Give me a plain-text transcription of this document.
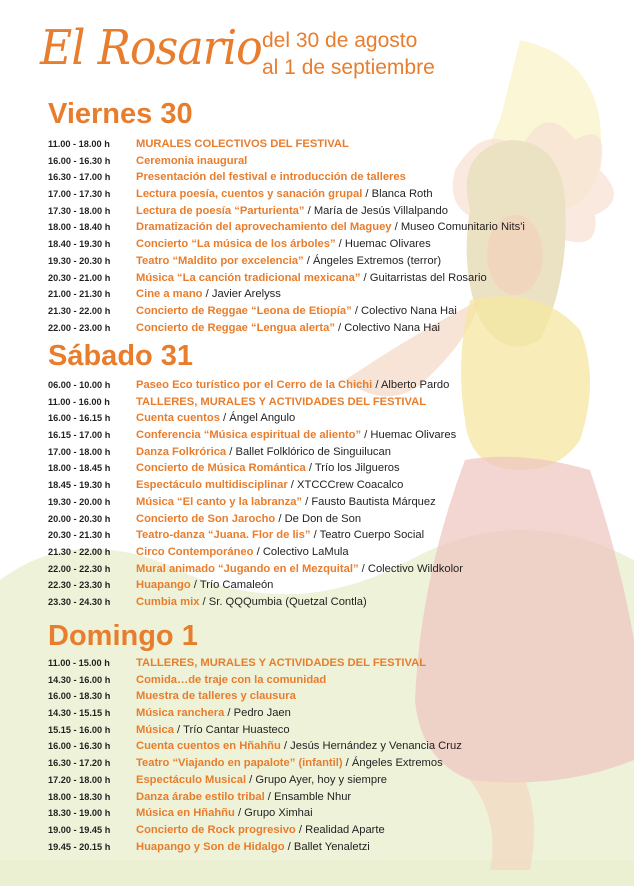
El Rosario del 30 de agosto
al 1 de septiembre
Viernes 30
11.00 - 18.00 h MURALES COLECTIVOS DEL FESTIVAL
16.00 - 16.30 h Ceremonia inaugural
16.30 - 17.00 h Presentación del festival e introducción de talleres
17.00 - 17.30 h Lectura poesía, cuentos y sanación grupal / Blanca Roth
17.30 - 18.00 h Lectura de poesía “Parturienta” / María de Jesús Villalpando
18.00 - 18.40 h Dramatización del aprovechamiento del Maguey / Museo Comunitario Nits'i
18.40 - 19.30 h Concierto “La música de los árboles” / Huemac Olivares
19.30 - 20.30 h Teatro “Maldito por excelencia” / Ángeles Extremos (terror)
20.30 - 21.00 h Música “La canción tradicional mexicana” / Guitarristas del Rosario
21.00 - 21.30 h Cine a mano / Javier Arelyss
21.30 - 22.00 h Concierto de Reggae “Leona de Etiopía” / Colectivo Nana Hai
22.00 - 23.00 h Concierto de Reggae “Lengua alerta” / Colectivo Nana Hai
Sábado 31
06.00 - 10.00 h Paseo Eco turístico por el Cerro de la Chichi / Alberto Pardo
11.00 - 16.00 h TALLERES, MURALES Y ACTIVIDADES DEL FESTIVAL
16.00 - 16.15 h Cuenta cuentos / Ángel Angulo
16.15 - 17.00 h Conferencia “Música espiritual de aliento” / Huemac Olivares
17.00 - 18.00 h Danza Folkrórica / Ballet Folklórico de Singuilucan
18.00 - 18.45 h Concierto de Música Romántica / Trío los Jilgueros
18.45 - 19.30 h Espectáculo multidisciplinar / XTCCCrew Coacalco
19.30 - 20.00 h Música “El canto y la labranza” / Fausto Bautista Márquez
20.00 - 20.30 h Concierto de Son Jarocho / De Don de Son
20.30 - 21.30 h Teatro-danza “Juana. Flor de lis” / Teatro Cuerpo Social
21.30 - 22.00 h Circo Contemporáneo / Colectivo LaMula
22.00 - 22.30 h Mural animado “Jugando en el Mezquital” / Colectivo Wildkolor
22.30 - 23.30 h Huapango / Trío Camaleón
23.30 - 24.30 h Cumbia mix / Sr. QQQumbia (Quetzal Contla)
Domingo 1
11.00 - 15.00 h TALLERES, MURALES Y ACTIVIDADES DEL FESTIVAL
14.30 - 16.00 h Comida…de traje con la comunidad
16.00 - 18.30 h Muestra de talleres y clausura
14.30 - 15.15 h Música ranchera / Pedro Jaen
15.15 - 16.00 h Música / Trío Cantar Huasteco
16.00 - 16.30 h Cuenta cuentos en Hñahñu / Jesús Hernández y Venancia Cruz
16.30 - 17.20 h Teatro “Viajando en papalote” (infantil) / Ángeles Extremos
17.20 - 18.00 h Espectáculo Musical / Grupo Ayer, hoy y siempre
18.00 - 18.30 h Danza árabe estilo tribal / Ensamble Nhur
18.30 - 19.00 h Música en Hñahñu / Grupo Ximhai
19.00 - 19.45 h Concierto de Rock progresivo / Realidad Aparte
19.45 - 20.15 h Huapango y Son de Hidalgo / Ballet Yenaletzi
